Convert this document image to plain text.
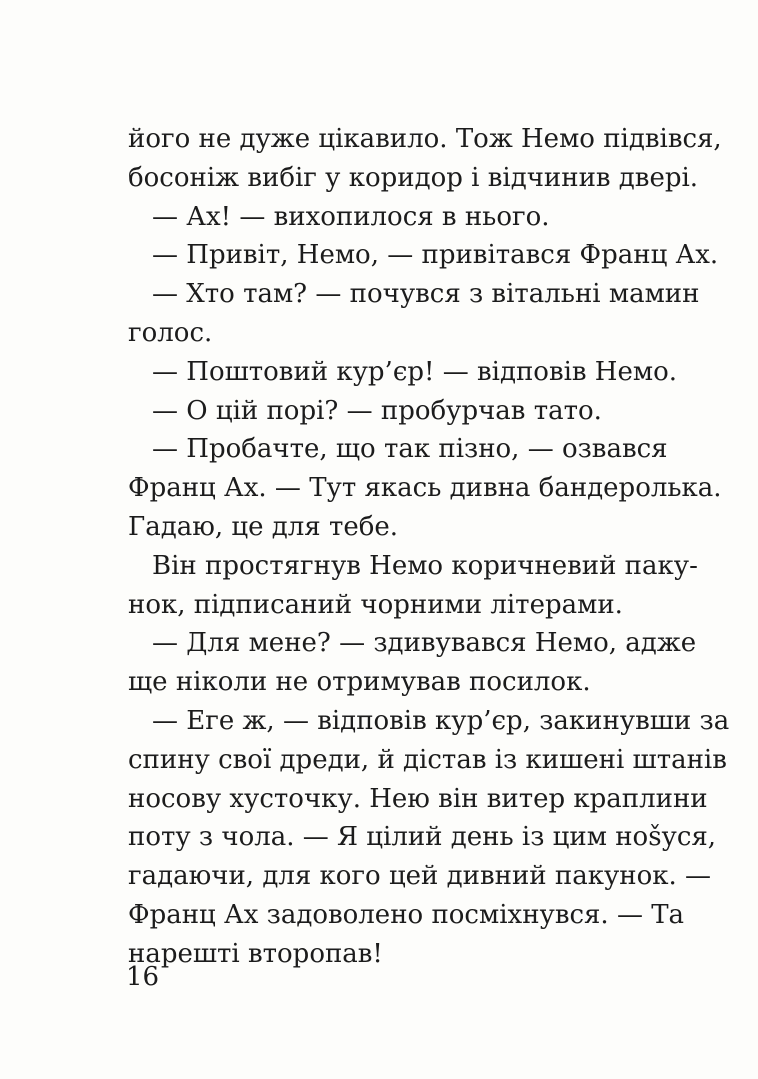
його не дуже цікавило. Тож Немо підвівся,
босоніж вибіг у коридор і відчинив двері.
— Ах! — вихопилося в нього.
— Привіт, Немо, — привітався Франц Ах.
— Хто там? — почувся з вітальні мамин
голос.
— Поштовий кур’єр! — відповів Немо.
— О цій порі? — пробурчав тато.
— Пробачте, що так пізно, — озвався
Франц Ах. — Тут якась дивна бандеролька.
Гадаю, це для тебе.
Він простягнув Немо коричневий паку-
нок, підписаний чорними літерами.
— Для мене? — здивувався Немо, адже
ще ніколи не отримував посилок.
— Еге ж, — відповів кур’єр, закинувши за
спину свої дреди, й дістав із кишені штанів
носову хусточку. Нею він витер краплини
поту з чола. — Я цілий день із цим нošуся,
гадаючи, для кого цей дивний пакунок. —
Франц Ах задоволено посміхнувся. — Та
нарешті второпав!
16
